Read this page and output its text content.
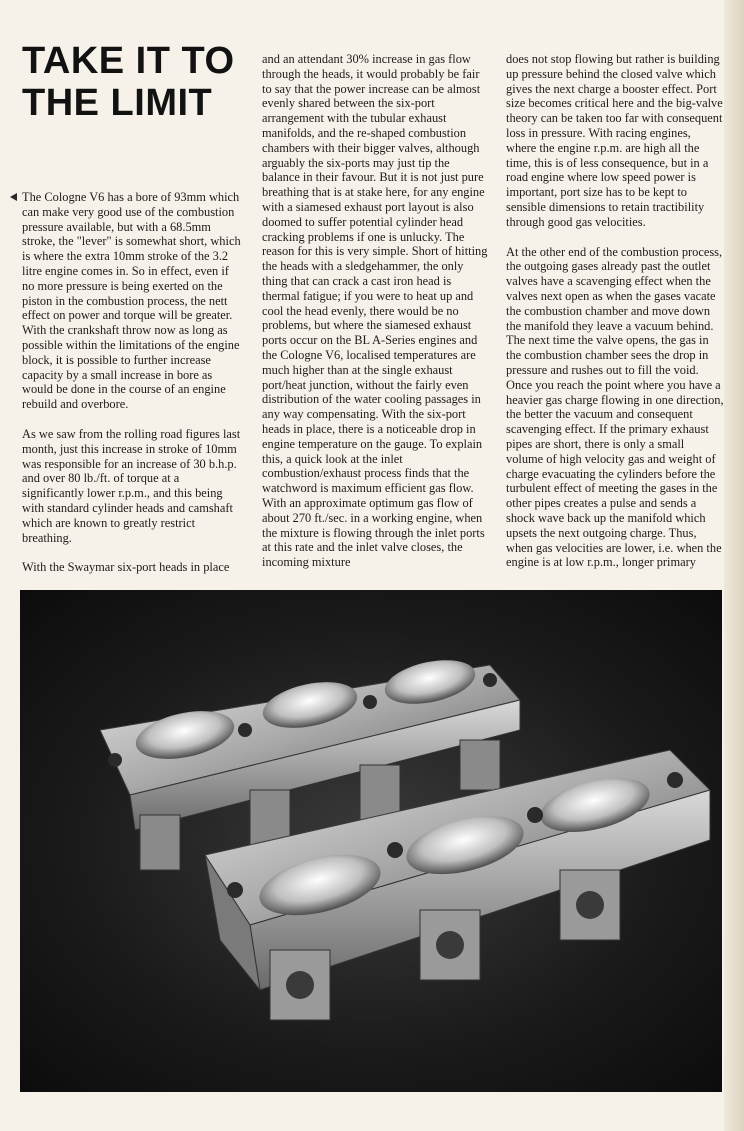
TAKE IT TO
THE LIMIT

The Cologne V6 has a bore of 93mm which can make very good use of the combustion pressure available, but with a 68.5mm stroke, the "lever" is somewhat short, which is where the extra 10mm stroke of the 3.2 litre engine comes in. So in effect, even if no more pressure is being exerted on the piston in the combustion process, the nett effect on power and torque will be greater. With the crankshaft throw now as long as possible within the limitations of the engine block, it is possible to further increase capacity by a small increase in bore as would be done in the course of an engine rebuild and overbore.

As we saw from the rolling road figures last month, just this increase in stroke of 10mm was responsible for an increase of 30 b.h.p. and over 80 lb./ft. of torque at a significantly lower r.p.m., and this being with standard cylinder heads and camshaft which are known to greatly restrict breathing.

With the Swaymar six-port heads in place

and an attendant 30% increase in gas flow through the heads, it would probably be fair to say that the power increase can be almost evenly shared between the six-port arrangement with the tubular exhaust manifolds, and the re-shaped combustion chambers with their bigger valves, although arguably the six-ports may just tip the balance in their favour. But it is not just pure breathing that is at stake here, for any engine with a siamesed exhaust port layout is also doomed to suffer potential cylinder head cracking problems if one is unlucky. The reason for this is very simple. Short of hitting the heads with a sledgehammer, the only thing that can crack a cast iron head is thermal fatigue; if you were to heat up and cool the head evenly, there would be no problems, but where the siamesed exhaust ports occur on the BL A-Series engines and the Cologne V6, localised temperatures are much higher than at the single exhaust port/heat junction, without the fairly even distribution of the water cooling passages in any way compensating. With the six-port heads in place, there is a noticeable drop in engine temperature on the gauge. To explain this, a quick look at the inlet combustion/exhaust process finds that the watchword is maximum efficient gas flow. With an approximate optimum gas flow of about 270 ft./sec. in a working engine, when the mixture is flowing through the inlet ports at this rate and the inlet valve closes, the incoming mixture

does not stop flowing but rather is building up pressure behind the closed valve which gives the next charge a booster effect. Port size becomes critical here and the big-valve theory can be taken too far with consequent loss in pressure. With racing engines, where the engine r.p.m. are high all the time, this is of less consequence, but in a road engine where low speed power is important, port size has to be kept to sensible dimensions to retain tractibility through good gas velocities.

At the other end of the combustion process, the outgoing gases already past the outlet valves have a scavenging effect when the valves next open as when the gases vacate the combustion chamber and move down the manifold they leave a vacuum behind. The next time the valve opens, the gas in the combustion chamber sees the drop in pressure and rushes out to fill the void. Once you reach the point where you have a heavier gas charge flowing in one direction, the better the vacuum and consequent scavenging effect. If the primary exhaust pipes are short, there is only a small volume of high velocity gas and weight of charge evacuating the cylinders before the turbulent effect of meeting the gases in the other pipes creates a pulse and sends a shock wave back up the manifold which upsets the next outgoing charge. Thus, when gas velocities are lower, i.e. when the engine is at low r.p.m., longer primary
